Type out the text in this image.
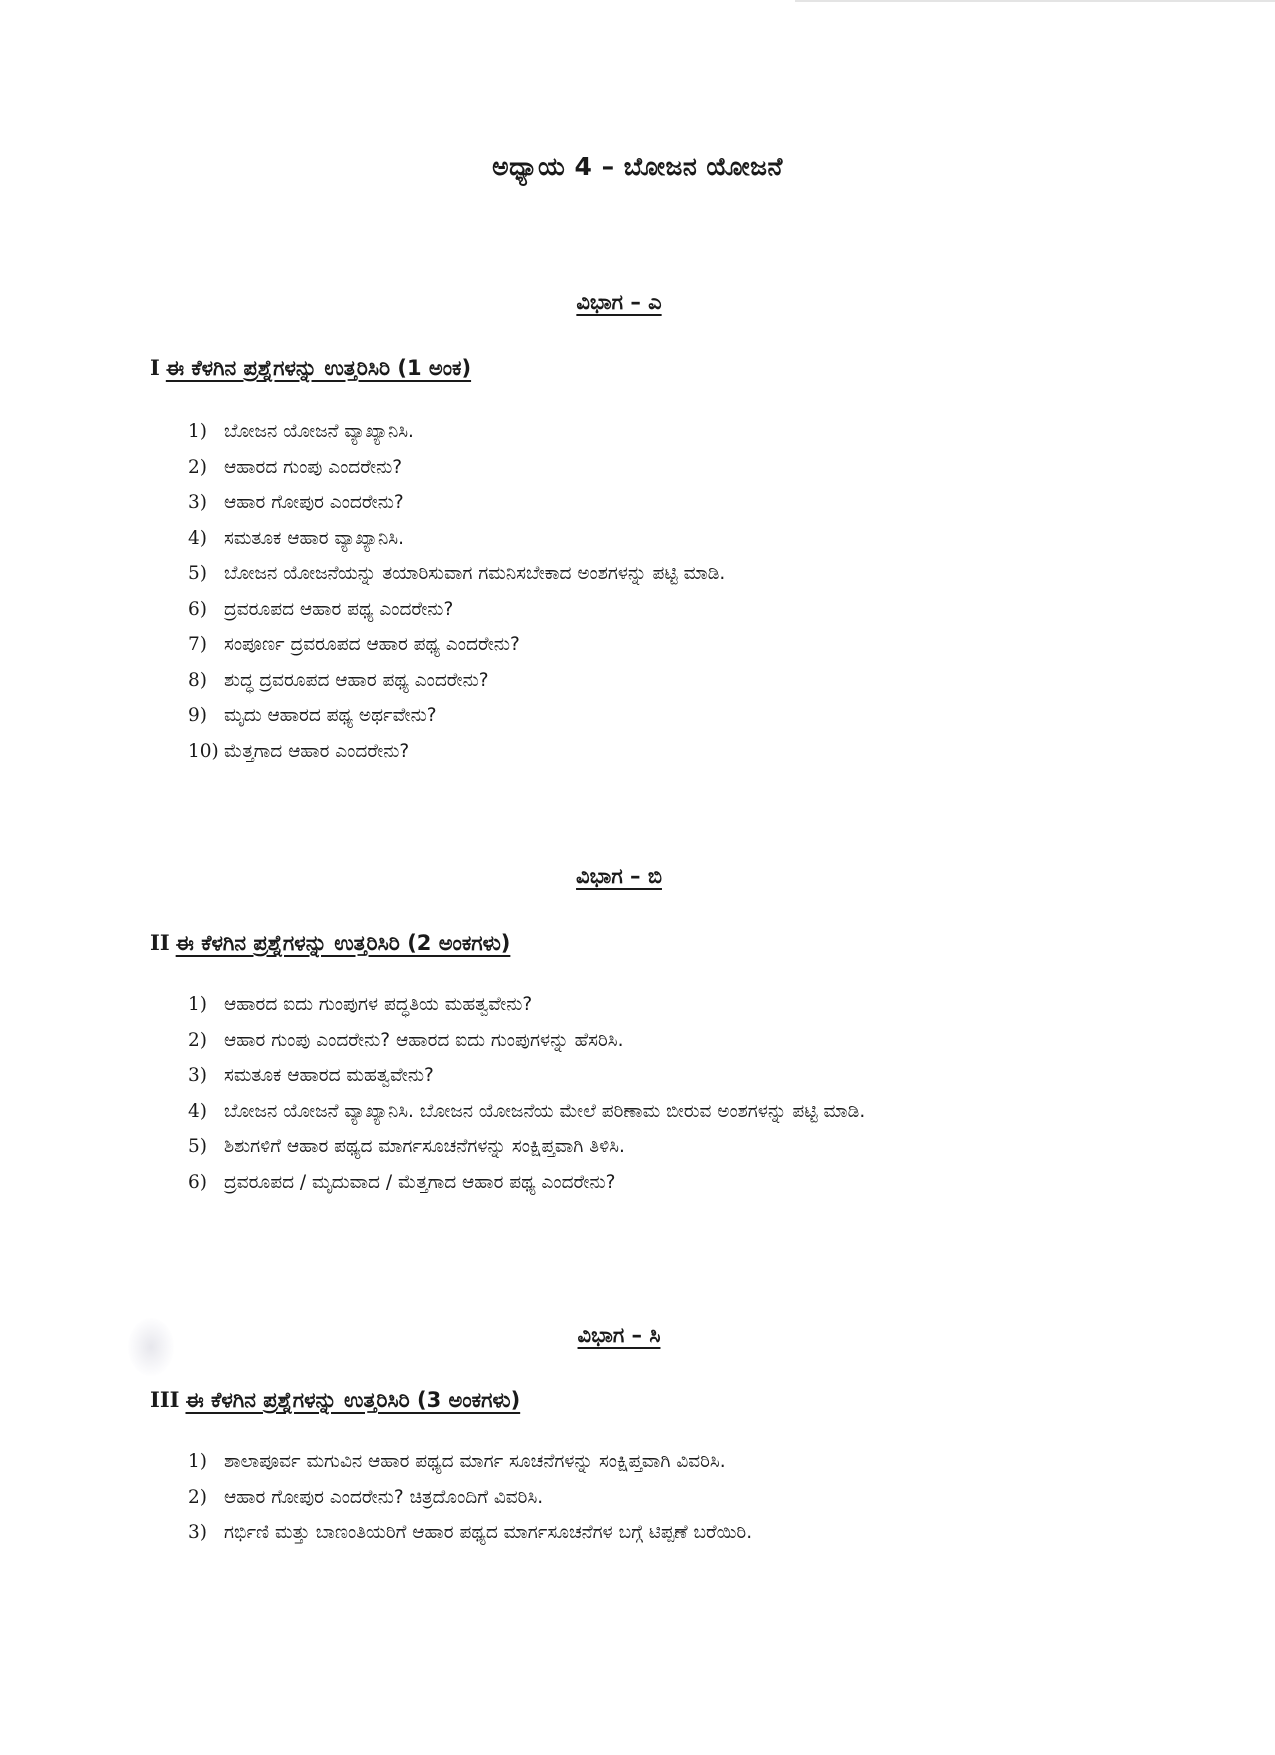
ಅಧ್ಯಾಯ 4 – ಬೋಜನ ಯೋಜನೆ
ವಿಭಾಗ – ಎ
I ಈ ಕೆಳಗಿನ ಪ್ರಶ್ನೆಗಳನ್ನು ಉತ್ತರಿಸಿರಿ (1 ಅಂಕ)
1) ಬೋಜನ ಯೋಜನೆ ವ್ಯಾಖ್ಯಾನಿಸಿ.
2) ಆಹಾರದ ಗುಂಪು ಎಂದರೇನು?
3) ಆಹಾರ ಗೋಪುರ ಎಂದರೇನು?
4) ಸಮತೂಕ ಆಹಾರ ವ್ಯಾಖ್ಯಾನಿಸಿ.
5) ಬೋಜನ ಯೋಜನೆಯನ್ನು ತಯಾರಿಸುವಾಗ ಗಮನಿಸಬೇಕಾದ ಅಂಶಗಳನ್ನು ಪಟ್ಟಿ ಮಾಡಿ.
6) ದ್ರವರೂಪದ ಆಹಾರ ಪಥ್ಯ ಎಂದರೇನು?
7) ಸಂಪೂರ್ಣ ದ್ರವರೂಪದ ಆಹಾರ ಪಥ್ಯ ಎಂದರೇನು?
8) ಶುದ್ಧ ದ್ರವರೂಪದ ಆಹಾರ ಪಥ್ಯ ಎಂದರೇನು?
9) ಮೃದು ಆಹಾರದ ಪಥ್ಯ ಅರ್ಥವೇನು?
10) ಮೆತ್ತಗಾದ ಆಹಾರ ಎಂದರೇನು?
ವಿಭಾಗ – ಬಿ
II ಈ ಕೆಳಗಿನ ಪ್ರಶ್ನೆಗಳನ್ನು ಉತ್ತರಿಸಿರಿ (2 ಅಂಕಗಳು)
1) ಆಹಾರದ ಐದು ಗುಂಪುಗಳ ಪದ್ಧತಿಯ ಮಹತ್ವವೇನು?
2) ಆಹಾರ ಗುಂಪು ಎಂದರೇನು? ಆಹಾರದ ಐದು ಗುಂಪುಗಳನ್ನು ಹೆಸರಿಸಿ.
3) ಸಮತೂಕ ಆಹಾರದ ಮಹತ್ವವೇನು?
4) ಬೋಜನ ಯೋಜನೆ ವ್ಯಾಖ್ಯಾನಿಸಿ. ಬೋಜನ ಯೋಜನೆಯ ಮೇಲೆ ಪರಿಣಾಮ ಬೀರುವ ಅಂಶಗಳನ್ನು ಪಟ್ಟಿ ಮಾಡಿ.
5) ಶಿಶುಗಳಿಗೆ ಆಹಾರ ಪಥ್ಯದ ಮಾರ್ಗಸೂಚನೆಗಳನ್ನು ಸಂಕ್ಷಿಪ್ತವಾಗಿ ತಿಳಿಸಿ.
6) ದ್ರವರೂಪದ / ಮೃದುವಾದ / ಮೆತ್ತಗಾದ ಆಹಾರ ಪಥ್ಯ ಎಂದರೇನು?
ವಿಭಾಗ – ಸಿ
III ಈ ಕೆಳಗಿನ ಪ್ರಶ್ನೆಗಳನ್ನು ಉತ್ತರಿಸಿರಿ (3 ಅಂಕಗಳು)
1) ಶಾಲಾಪೂರ್ವ ಮಗುವಿನ ಆಹಾರ ಪಥ್ಯದ ಮಾರ್ಗ ಸೂಚನೆಗಳನ್ನು ಸಂಕ್ಷಿಪ್ತವಾಗಿ ವಿವರಿಸಿ.
2) ಆಹಾರ ಗೋಪುರ ಎಂದರೇನು? ಚಿತ್ರದೊಂದಿಗೆ ವಿವರಿಸಿ.
3) ಗರ್ಭಿಣಿ ಮತ್ತು ಬಾಣಂತಿಯರಿಗೆ ಆಹಾರ ಪಥ್ಯದ ಮಾರ್ಗಸೂಚನೆಗಳ ಬಗ್ಗೆ ಟಿಪ್ಪಣೆ ಬರೆಯಿರಿ.
